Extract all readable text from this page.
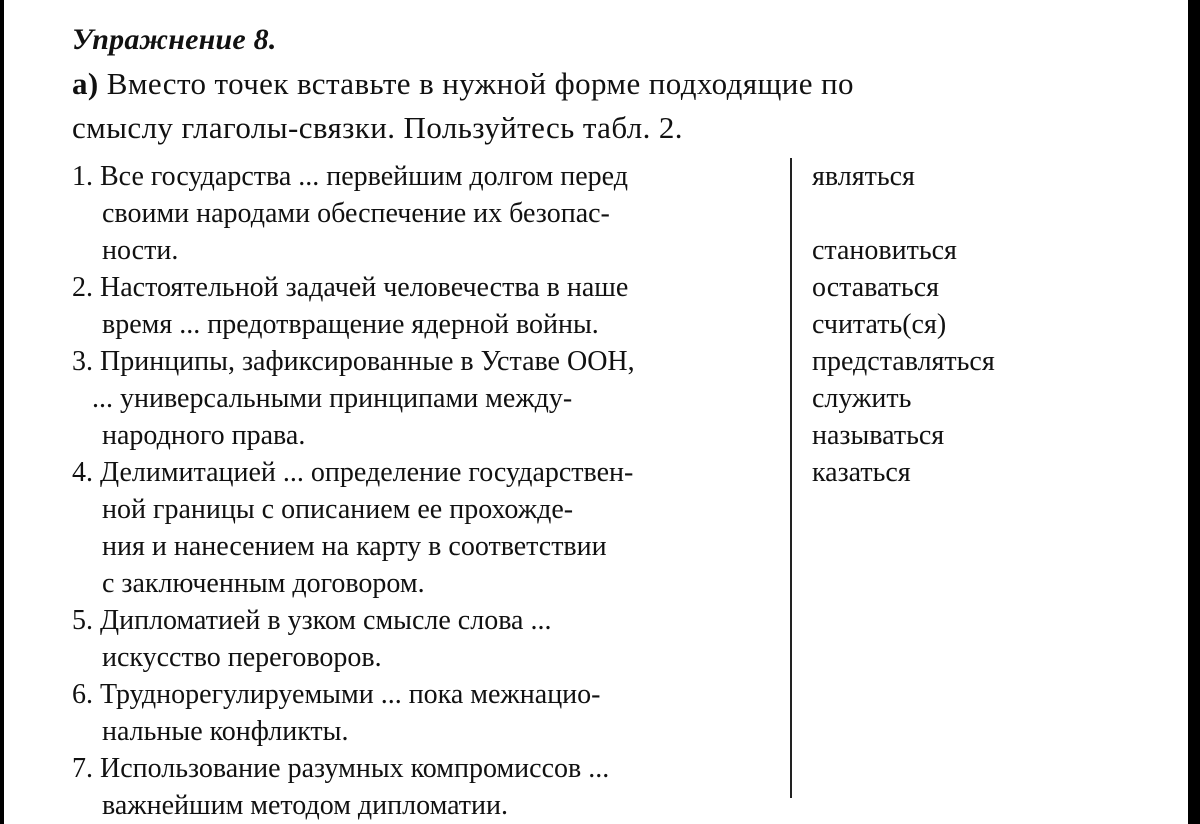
Упражнение 8.

а) Вместо точек вставьте в нужной форме подходящие по
смыслу глаголы-связки. Пользуйтесь табл. 2.

1. Все государства ... первейшим долгом перед
своими народами обеспечение их безопас-
ности.
2. Настоятельной задачей человечества в наше
время ... предотвращение ядерной войны.
3. Принципы, зафиксированные в Уставе ООН,
... универсальными принципами между-
народного права.
4. Делимитацией ... определение государствен-
ной границы с описанием ее прохожде-
ния и нанесением на карту в соответствии
с заключенным договором.
5. Дипломатией в узком смысле слова ...
искусство переговоров.
6. Труднорегулируемыми ... пока межнацио-
нальные конфликты.
7. Использование разумных компромиссов ...
важнейшим методом дипломатии.
являться
становиться
оставаться
считать(ся)
представляться
служить
называться
казаться
